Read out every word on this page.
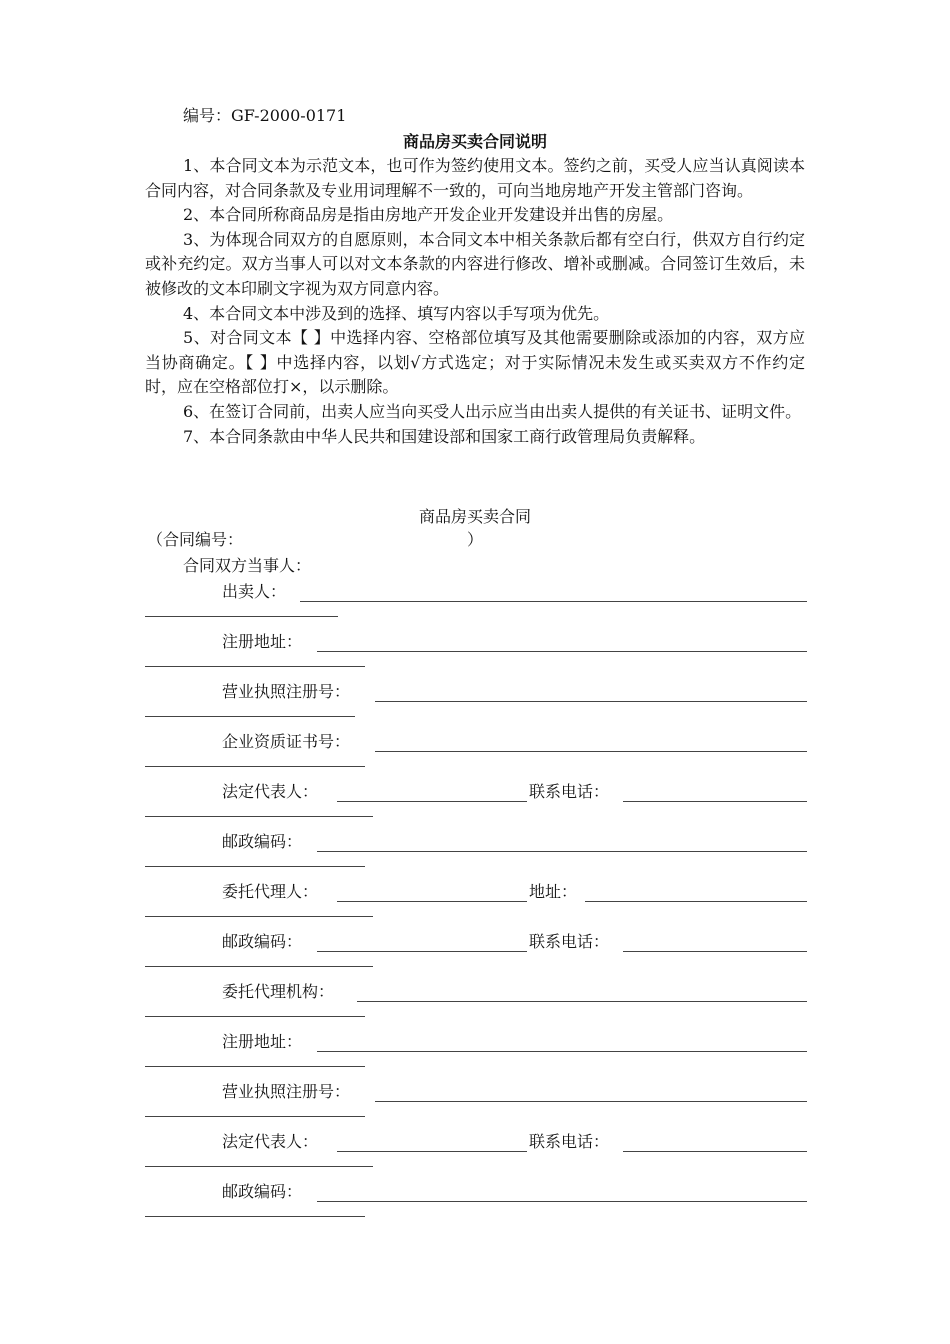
编号：GF-2000-0171
商品房买卖合同说明

1、本合同文本为示范文本，也可作为签约使用文本。签约之前，买受人应当认真阅读本合同内容，对合同条款及专业用词理解不一致的，可向当地房地产开发主管部门咨询。

2、本合同所称商品房是指由房地产开发企业开发建设并出售的房屋。

3、为体现合同双方的自愿原则，本合同文本中相关条款后都有空白行，供双方自行约定或补充约定。双方当事人可以对文本条款的内容进行修改、增补或删减。合同签订生效后，未被修改的文本印刷文字视为双方同意内容。

4、本合同文本中涉及到的选择、填写内容以手写项为优先。

5、对合同文本【 】中选择内容、空格部位填写及其他需要删除或添加的内容，双方应当协商确定。【 】中选择内容，以划√方式选定；对于实际情况未发生或买卖双方不作约定时，应在空格部位打×，以示删除。

6、在签订合同前，出卖人应当向买受人出示应当由出卖人提供的有关证书、证明文件。

7、本合同条款由中华人民共和国建设部和国家工商行政管理局负责解释。

商品房买卖合同
（合同编号：	）
合同双方当事人：
出卖人：
注册地址：
营业执照注册号：
企业资质证书号：
法定代表人：	联系电话：
邮政编码：
委托代理人：	地址：
邮政编码：	联系电话：
委托代理机构：
注册地址：
营业执照注册号：
法定代表人：	联系电话：
邮政编码：
